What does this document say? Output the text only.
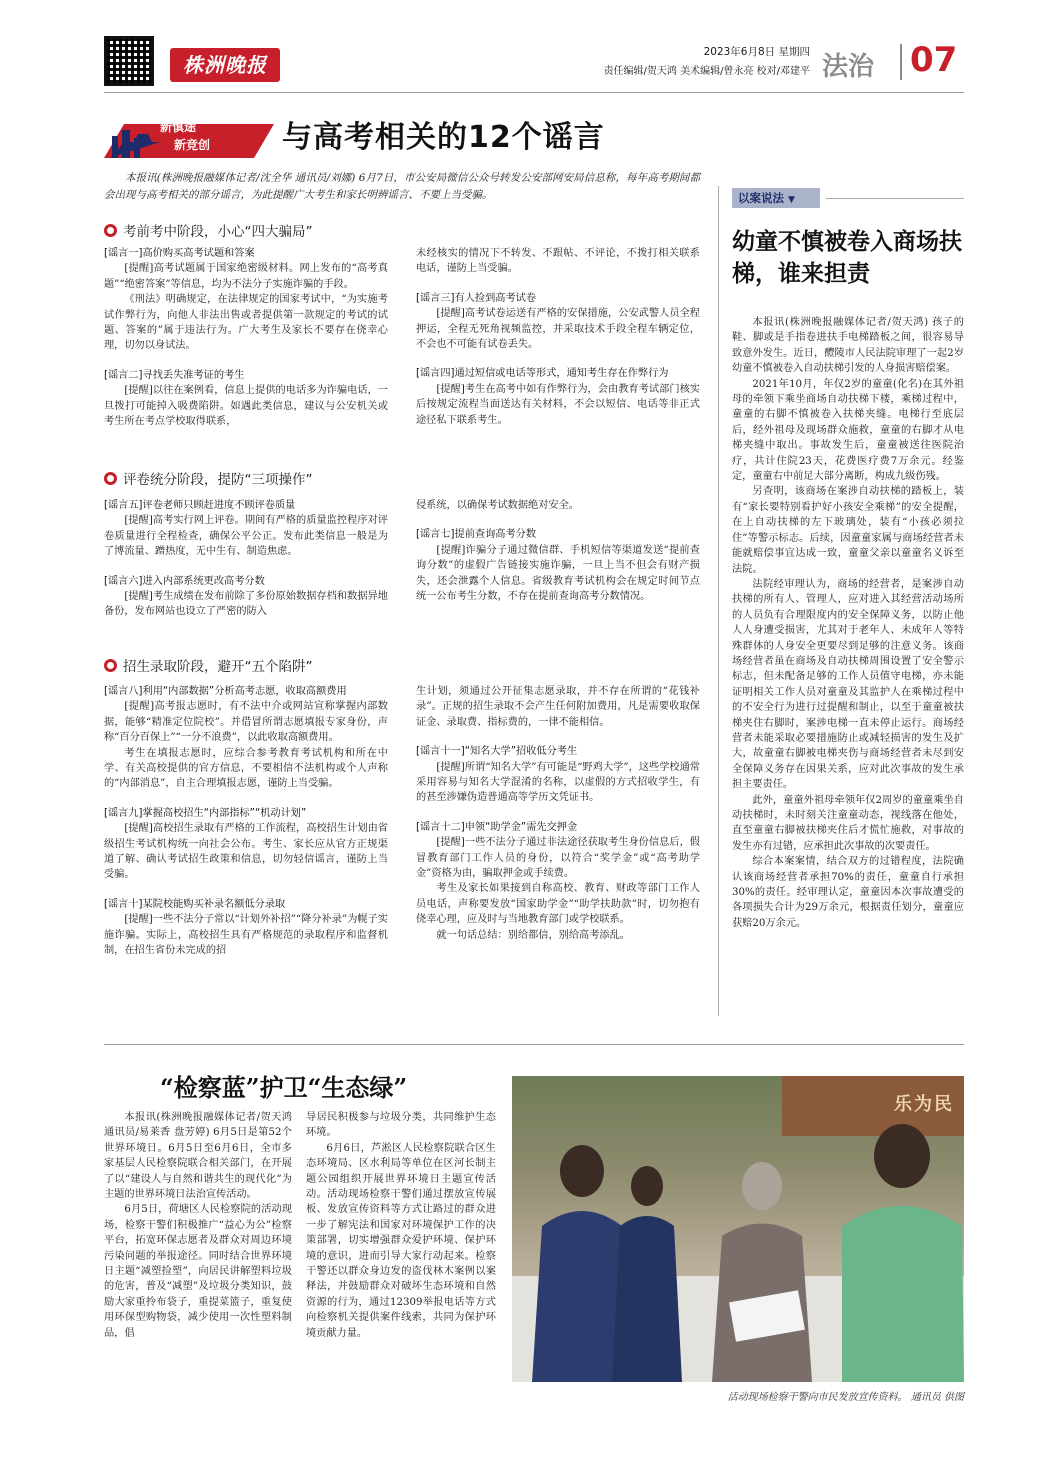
株洲晚报
2023年6月8日 星期四
责任编辑/贺天鸿 美术编辑/曾永亮 校对/邓建平 法治 07
新慎途
新竞创 与高考相关的12个谣言

本报讯(株洲晚报融媒体记者/沈全华 通讯员/刘娜) 6月7日，市公安局微信公众号转发公安部网安局信息称，每年高考期间都会出现与高考相关的部分谣言，为此提醒广大考生和家长明辨谣言、不要上当受骗。

考前考中阶段，小心“四大骗局”
[谣言一]高价购买高考试题和答案

[提醒]高考试题属于国家绝密级材料。网上发布的“高考真题”“绝密答案”等信息，均为不法分子实施诈骗的手段。

《刑法》明确规定，在法律规定的国家考试中，“为实施考试作弊行为，向他人非法出售或者提供第一款规定的考试的试题、答案的”属于违法行为。广大考生及家长不要存在侥幸心理，切勿以身试法。

[谣言二]寻找丢失准考证的考生

[提醒]以往在案例看，信息上提供的电话多为诈骗电话，一旦拨打可能掉入吸费陷阱。如遇此类信息，建议与公安机关或考生所在考点学校取得联系，

未经核实的情况下不转发、不跟帖、不评论，不拨打相关联系电话，谨防上当受骗。

[谣言三]有人捡到高考试卷

[提醒]高考试卷运送有严格的安保措施，公安武警人员全程押运，全程无死角视频监控，并采取技术手段全程车辆定位，不会也不可能有试卷丢失。

[谣言四]通过短信或电话等形式，通知考生存在作弊行为

[提醒]考生在高考中如有作弊行为，会由教育考试部门核实后按规定流程当面送达有关材料，不会以短信、电话等非正式途径私下联系考生。

评卷统分阶段，提防“三项操作”
[谣言五]评卷老师只顾赶进度不顾评卷质量

[提醒]高考实行网上评卷。期间有严格的质量监控程序对评卷质量进行全程检查，确保公平公正。发布此类信息一般是为了博流量、蹭热度，无中生有、制造焦虑。

[谣言六]进入内部系统更改高考分数

[提醒]考生成绩在发布前除了多份原始数据存档和数据异地备份，发布网站也设立了严密的防入

侵系统，以确保考试数据绝对安全。

[谣言七]提前查询高考分数

[提醒]诈骗分子通过微信群、手机短信等渠道发送“提前查询分数”的虚假广告链接实施诈骗，一旦上当不但会有财产损失，还会泄露个人信息。省级教育考试机构会在规定时间节点统一公布考生分数，不存在提前查询高考分数情况。

招生录取阶段，避开“五个陷阱”
[谣言八]利用“内部数据”分析高考志愿，收取高额费用

[提醒]高考报志愿时，有不法中介或网站宣称掌握内部数据，能够“精准定位院校”。并借冒所谓志愿填报专家身份，声称“百分百保上”“一分不浪费”，以此收取高额费用。

考生在填报志愿时，应综合参考教育考试机构和所在中学、有关高校提供的官方信息，不要相信不法机构或个人声称的“内部消息”，自主合理填报志愿，谨防上当受骗。

[谣言九]掌握高校招生“内部指标”“机动计划”

[提醒]高校招生录取有严格的工作流程，高校招生计划由省级招生考试机构统一向社会公布。考生、家长应从官方正规渠道了解、确认考试招生政策和信息，切勿轻信谣言，谨防上当受骗。

[谣言十]某院校能购买补录名额低分录取

[提醒]一些不法分子常以“计划外补招”“降分补录”为幌子实施诈骗。实际上，高校招生具有严格规范的录取程序和监督机制，在招生省份未完成的招

生计划，须通过公开征集志愿录取，并不存在所谓的“花钱补录”。正规的招生录取不会产生任何附加费用，凡是需要收取保证金、录取费、指标费的，一律不能相信。

[谣言十一]“知名大学”招收低分考生

[提醒]所谓“知名大学”有可能是“野鸡大学”，这些学校通常采用容易与知名大学混淆的名称，以虚假的方式招收学生，有的甚至涉嫌伪造普通高等学历文凭证书。

[谣言十二]申领“助学金”需先交押金

[提醒]一些不法分子通过非法途径获取考生身份信息后，假冒教育部门工作人员的身份，以符合“奖学金”或“高考助学金”资格为由，骗取押金或手续费。

考生及家长如果接到自称高校、教育、财政等部门工作人员电话，声称要发放“国家助学金”“助学扶助款”时，切勿抱有侥幸心理，应及时与当地教育部门或学校联系。

就一句话总结：别给都信，别给高考添乱。

以案说法 ▼
幼童不慎被卷入商场扶梯，谁来担责

本报讯(株洲晚报融媒体记者/贺天鸿) 孩子的鞋、脚或是手指卷进扶手电梯踏板之间，很容易导致意外发生。近日，醴陵市人民法院审理了一起2岁幼童不慎被卷入自动扶梯引发的人身损害赔偿案。

2021年10月，年仅2岁的童童(化名)在其外祖母的牵领下乘坐商场自动扶梯下楼，乘梯过程中，童童的右脚不慎被卷入扶梯夹缝。电梯行至底层后，经外祖母及现场群众施救，童童的右脚才从电梯夹缝中取出。事故发生后，童童被送往医院治疗，共计住院23天，花费医疗费7万余元。经鉴定，童童右中前足大部分离断，构成九级伤残。

另查明，该商场在案涉自动扶梯的踏板上，装有“家长要特别看护好小孩安全乘梯”的安全提醒，在上自动扶梯的左下玻璃处，装有“小孩必须拉住”等警示标志。后续，因童童家属与商场经营者未能就赔偿事宜达成一致，童童父亲以童童名义诉至法院。

法院经审理认为，商场的经营者，是案涉自动扶梯的所有人、管理人，应对进入其经营活动场所的人员负有合理限度内的安全保障义务，以防止他人人身遭受损害，尤其对于老年人、未成年人等特殊群体的人身安全更要尽到足够的注意义务。该商场经营者虽在商场及自动扶梯周围设置了安全警示标志，但未配备足够的工作人员值守电梯，亦未能证明相关工作人员对童童及其监护人在乘梯过程中的不安全行为进行过提醒和制止，以至于童童被扶梯夹住右脚时，案涉电梯一直未停止运行。商场经营者未能采取必要措施防止或减轻损害的发生及扩大，故童童右脚被电梯夹伤与商场经营者未尽到安全保障义务存在因果关系，应对此次事故的发生承担主要责任。

此外，童童外祖母牵领年仅2周岁的童童乘坐自动扶梯时，未时刻关注童童动态，视线落在他处，直至童童右脚被扶梯夹住后才慌忙施救，对事故的发生亦有过错，应承担此次事故的次要责任。

综合本案案情，结合双方的过错程度，法院确认该商场经营者承担70%的责任，童童自行承担30%的责任。经审理认定，童童因本次事故遭受的各项损失合计为29万余元，根据责任划分，童童应获赔20万余元。

“检察蓝”护卫“生态绿”

本报讯(株洲晚报融媒体记者/贺天鸿 通讯员/易莱香 盘芳婷) 6月5日是第52个世界环境日。6月5日至6月6日，全市多家基层人民检察院联合相关部门，在开展了以“建设人与自然和谐共生的现代化”为主题的世界环境日法治宣传活动。

6月5日，荷塘区人民检察院的活动现场，检察干警们积极推广“益心为公”检察平台，拓宽环保志愿者及群众对周边环境污染问题的举报途径。同时结合世界环境日主题“减塑捡塑”，向居民讲解塑料垃圾的危害，普及“减塑”及垃圾分类知识，鼓励大家重拎布袋子，重提菜篮子，重复使用环保型购物袋，减少使用一次性塑料制品，倡

导居民积极参与垃圾分类，共同维护生态环境。

6月6日，芦淞区人民检察院联合区生态环境局、区水利局等单位在区河长制主题公园组织开展世界环境日主题宣传活动。活动现场检察干警们通过摆放宣传展板、发放宣传资料等方式让路过的群众进一步了解宪法和国家对环境保护工作的决策部署，切实增强群众爱护环境、保护环境的意识，进而引导大家行动起来。检察干警还以群众身边发的盗伐林木案例以案释法，并鼓励群众对破坏生态环境和自然资源的行为，通过12309举报电话等方式向检察机关提供案件线索，共同为保护环境贡献力量。

乐为民
活动现场检察干警向市民发放宣传资料。 通讯员 供图
